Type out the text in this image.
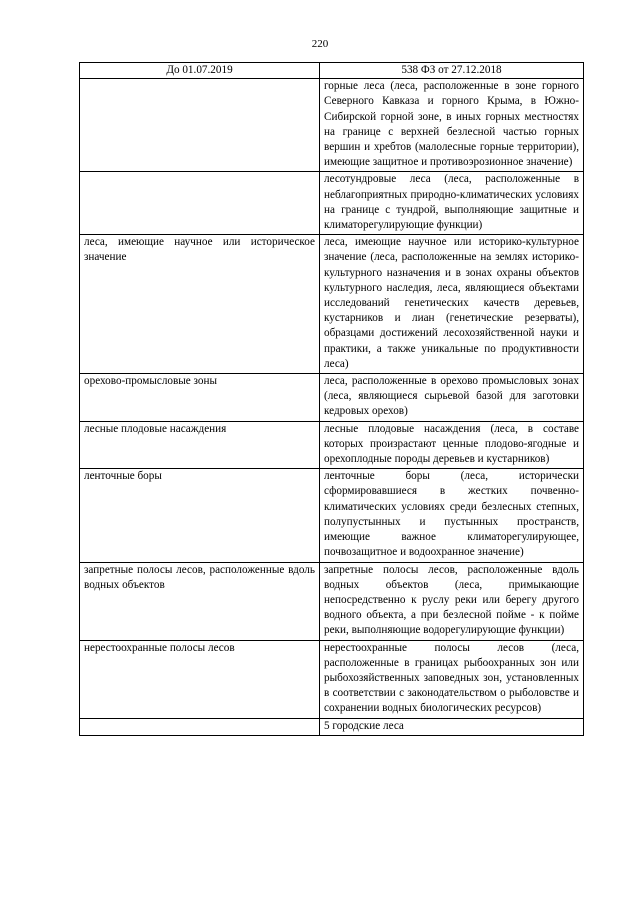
220
До 01.07.2019	538 ФЗ от 27.12.2018
	горные леса (леса, расположенные в зоне горного Северного Кавказа и горного Крыма, в Южно-Сибирской горной зоне, в иных горных местностях на границе с верхней безлесной частью горных вершин и хребтов (малолесные горные территории), имеющие защитное и противоэрозионное значение)
	лесотундровые леса (леса, расположенные в неблагоприятных природно-климатических условиях на границе с тундрой, выполняющие защитные и климаторегулирующие функции)
леса, имеющие научное или историческое значение	леса, имеющие научное или историко-культурное значение (леса, расположенные на землях историко-культурного назначения и в зонах охраны объектов культурного наследия, леса, являющиеся объектами исследований генетических качеств деревьев, кустарников и лиан (генетические резерваты), образцами достижений лесохозяйственной науки и практики, а также уникальные по продуктивности леса)
орехово-промысловые зоны	леса, расположенные в орехово промысловых зонах (леса, являющиеся сырьевой базой для заготовки кедровых орехов)
лесные плодовые насаждения	лесные плодовые насаждения (леса, в составе которых произрастают ценные плодово-ягодные и орехоплодные породы деревьев и кустарников)
ленточные боры	ленточные боры (леса, исторически сформировавшиеся в жестких почвенно-климатических условиях среди безлесных степных, полупустынных и пустынных пространств, имеющие важное климаторегулирующее, почвозащитное и водоохранное значение)
запретные полосы лесов, расположенные вдоль водных объектов	запретные полосы лесов, расположенные вдоль водных объектов (леса, примыкающие непосредственно к руслу реки или берегу другого водного объекта, а при безлесной пойме - к пойме реки, выполняющие водорегулирующие функции)
нерестоохранные полосы лесов	нерестоохранные полосы лесов (леса, расположенные в границах рыбоохранных зон или рыбохозяйственных заповедных зон, установленных в соответствии с законодательством о рыболовстве и сохранении водных биологических ресурсов)
	5 городские леса
